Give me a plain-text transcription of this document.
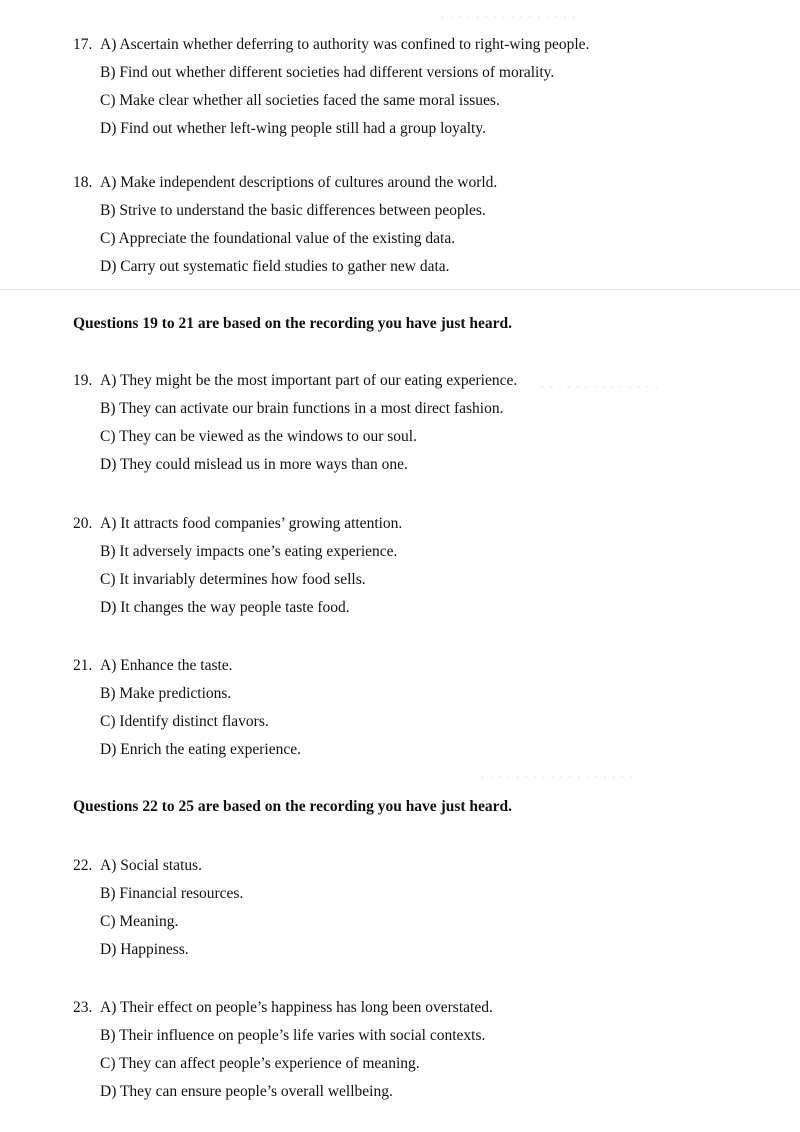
· · · · · · · · · · · · · · · ·
· · · · · · · · · · · · · ·
· · · · · · · · · · · · · · · · · ·
17. A) Ascertain whether deferring to authority was confined to right-wing people.
B) Find out whether different societies had different versions of morality.
C) Make clear whether all societies faced the same moral issues.
D) Find out whether left-wing people still had a group loyalty.
18. A) Make independent descriptions of cultures around the world.
B) Strive to understand the basic differences between peoples.
C) Appreciate the foundational value of the existing data.
D) Carry out systematic field studies to gather new data.
Questions 19 to 21 are based on the recording you have just heard.
19. A) They might be the most important part of our eating experience.
B) They can activate our brain functions in a most direct fashion.
C) They can be viewed as the windows to our soul.
D) They could mislead us in more ways than one.
20. A) It attracts food companies’ growing attention.
B) It adversely impacts one’s eating experience.
C) It invariably determines how food sells.
D) It changes the way people taste food.
21. A) Enhance the taste.
B) Make predictions.
C) Identify distinct flavors.
D) Enrich the eating experience.
Questions 22 to 25 are based on the recording you have just heard.
22. A) Social status.
B) Financial resources.
C) Meaning.
D) Happiness.
23. A) Their effect on people’s happiness has long been overstated.
B) Their influence on people’s life varies with social contexts.
C) They can affect people’s experience of meaning.
D) They can ensure people’s overall wellbeing.
